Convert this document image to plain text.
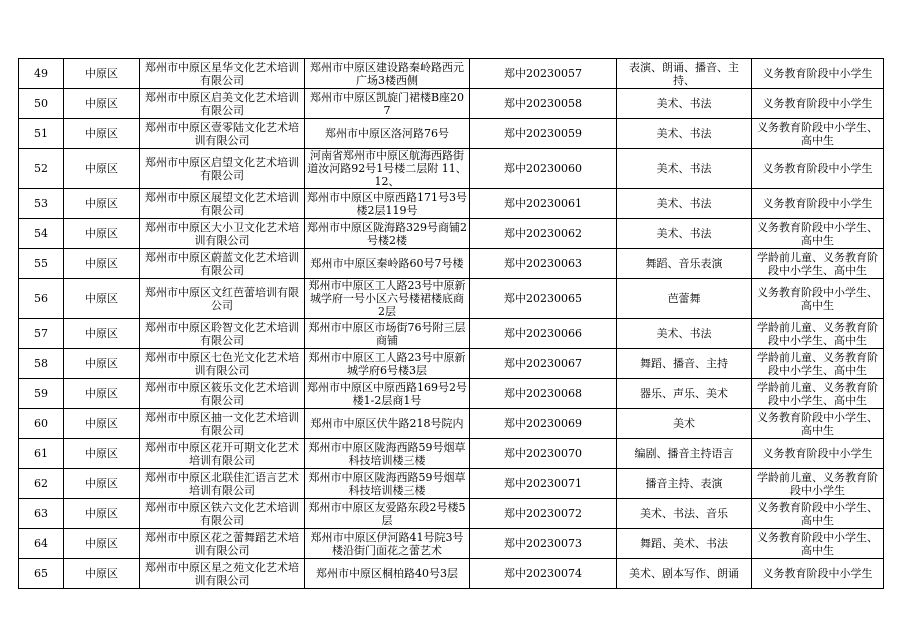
49	中原区	郑州市中原区星华文化艺术培训有限公司	郑州市中原区建设路秦岭路西元广场3楼西侧	郑中20230057	表演、朗诵、播音、主持、	义务教育阶段中小学生
50	中原区	郑州市中原区启美文化艺术培训有限公司	郑州市中原区凯旋门裙楼B座207	郑中20230058	美术、书法	义务教育阶段中小学生
51	中原区	郑州市中原区壹零陆文化艺术培训有限公司	郑州市中原区洛河路76号	郑中20230059	美术、书法	义务教育阶段中小学生、高中生
52	中原区	郑州市中原区启望文化艺术培训有限公司	河南省郑州市中原区航海西路街道汝河路92号1号楼二层附 11、12、	郑中20230060	美术、书法	义务教育阶段中小学生
53	中原区	郑州市中原区展望文化艺术培训有限公司	郑州市中原区中原西路171号3号楼2层119号	郑中20230061	美术、书法	义务教育阶段中小学生
54	中原区	郑州市中原区大小卫文化艺术培训有限公司	郑州市中原区陇海路329号商铺2号楼2楼	郑中20230062	美术、书法	义务教育阶段中小学生、高中生
55	中原区	郑州市中原区蔚蓝文化艺术培训有限公司	郑州市中原区秦岭路60号7号楼	郑中20230063	舞蹈、音乐表演	学龄前儿童、义务教育阶段中小学生、高中生
56	中原区	郑州市中原区文红芭蕾培训有限公司	郑州市中原区工人路23号中原新城学府一号小区六号楼裙楼底商2层	郑中20230065	芭蕾舞	义务教育阶段中小学生、高中生
57	中原区	郑州市中原区聆智文化艺术培训有限公司	郑州市中原区市场街76号附三层商铺	郑中20230066	美术、书法	学龄前儿童、义务教育阶段中小学生、高中生
58	中原区	郑州市中原区七色光文化艺术培训有限公司	郑州市中原区工人路23号中原新城学府6号楼3层	郑中20230067	舞蹈、播音、主持	学龄前儿童、义务教育阶段中小学生、高中生
59	中原区	郑州市中原区筱乐文化艺术培训有限公司	郑州市中原区中原西路169号2号楼1-2层商1号	郑中20230068	器乐、声乐、美术	学龄前儿童、义务教育阶段中小学生、高中生
60	中原区	郑州市中原区抽一文化艺术培训有限公司	郑州市中原区伏牛路218号院内	郑中20230069	美术	义务教育阶段中小学生、高中生
61	中原区	郑州市中原区花开可期文化艺术培训有限公司	郑州市中原区陇海西路59号烟草科技培训楼三楼	郑中20230070	编剧、播音主持语言	义务教育阶段中小学生
62	中原区	郑州市中原区北联佳汇语言艺术培训有限公司	郑州市中原区陇海西路59号烟草科技培训楼三楼	郑中20230071	播音主持、表演	学龄前儿童、义务教育阶段中小学生
63	中原区	郑州市中原区铁六文化艺术培训有限公司	郑州市中原区友爱路东段2号楼5层	郑中20230072	美术、书法、音乐	义务教育阶段中小学生、高中生
64	中原区	郑州市中原区花之蕾舞蹈艺术培训有限公司	郑州市中原区伊河路41号院3号楼沿街门面花之蕾艺术	郑中20230073	舞蹈、美术、书法	义务教育阶段中小学生、高中生
65	中原区	郑州市中原区星之苑文化艺术培训有限公司	郑州市中原区桐柏路40号3层	郑中20230074	美术、剧本写作、朗诵	义务教育阶段中小学生
